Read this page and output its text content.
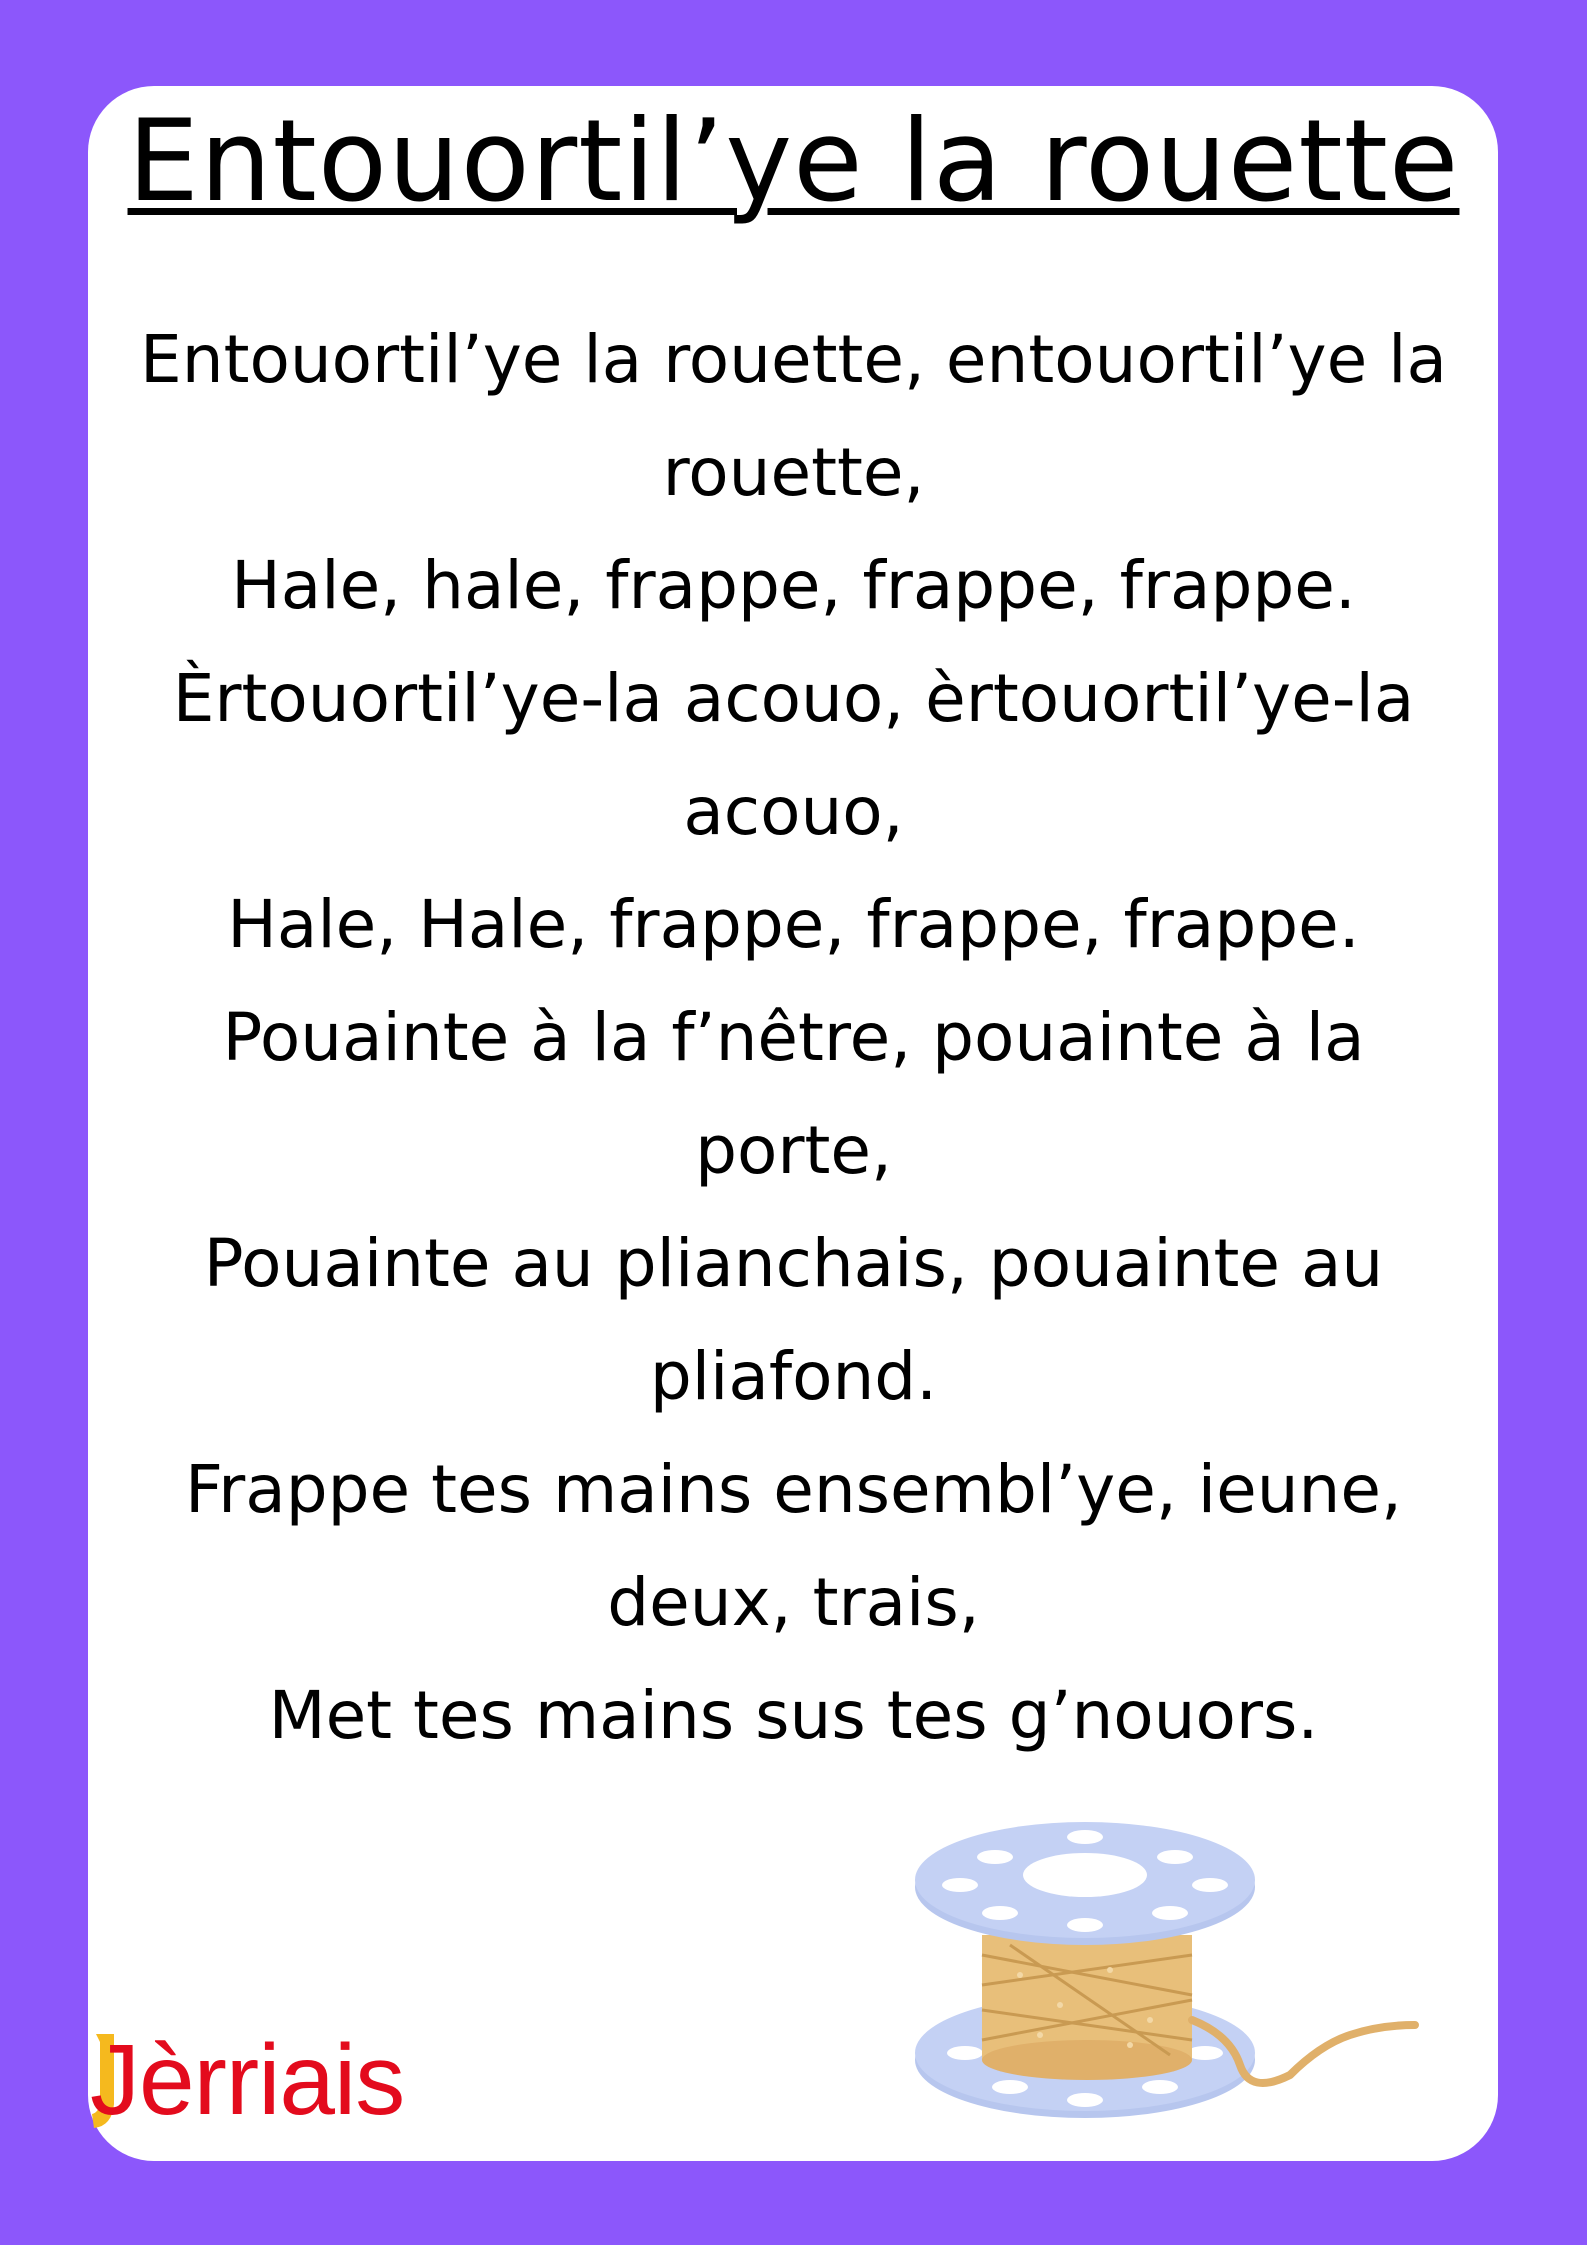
Entouortil’ye la rouette
Entouortil’ye la rouette, entouortil’ye la
rouette,
Hale, hale, frappe, frappe, frappe.
Èrtouortil’ye-la acouo, èrtouortil’ye-la
acouo,
Hale, Hale, frappe, frappe, frappe.
Pouainte à la f’nêtre, pouainte à la
porte,
Pouainte au plianchais, pouainte au
pliafond.
Frappe tes mains ensembl’ye, ieune,
deux, trais,
Met tes mains sus tes g’nouors.
Jèrriais
